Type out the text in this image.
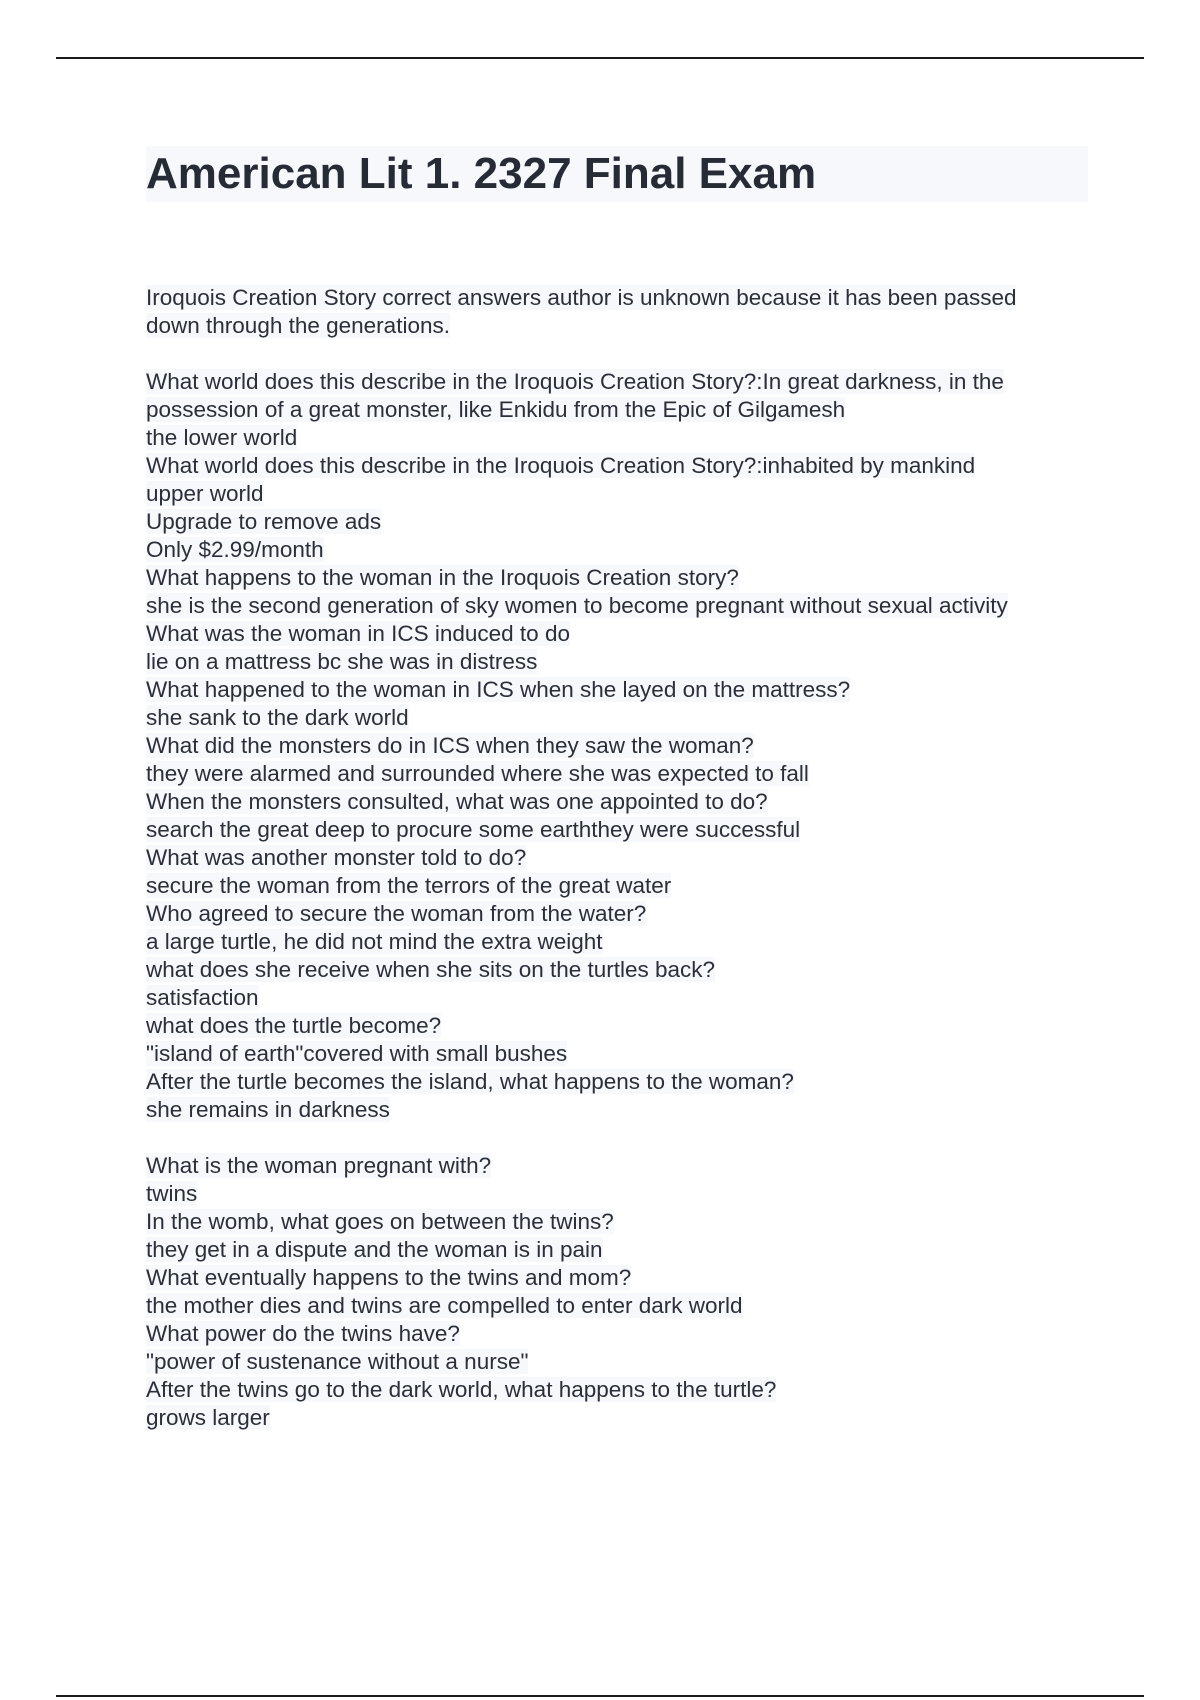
American Lit 1. 2327 Final Exam
Iroquois Creation Story correct answers author is unknown because it has been passed
down through the generations.
What world does this describe in the Iroquois Creation Story?:In great darkness, in the
possession of a great monster, like Enkidu from the Epic of Gilgamesh
the lower world
What world does this describe in the Iroquois Creation Story?:inhabited by mankind
upper world
Upgrade to remove ads
Only $2.99/month
What happens to the woman in the Iroquois Creation story?
she is the second generation of sky women to become pregnant without sexual activity
What was the woman in ICS induced to do
lie on a mattress bc she was in distress
What happened to the woman in ICS when she layed on the mattress?
she sank to the dark world
What did the monsters do in ICS when they saw the woman?
they were alarmed and surrounded where she was expected to fall
When the monsters consulted, what was one appointed to do?
search the great deep to procure some earththey were successful
What was another monster told to do?
secure the woman from the terrors of the great water
Who agreed to secure the woman from the water?
a large turtle, he did not mind the extra weight
what does she receive when she sits on the turtles back?
satisfaction
what does the turtle become?
"island of earth"covered with small bushes
After the turtle becomes the island, what happens to the woman?
she remains in darkness
What is the woman pregnant with?
twins
In the womb, what goes on between the twins?
they get in a dispute and the woman is in pain
What eventually happens to the twins and mom?
the mother dies and twins are compelled to enter dark world
What power do the twins have?
"power of sustenance without a nurse"
After the twins go to the dark world, what happens to the turtle?
grows larger
